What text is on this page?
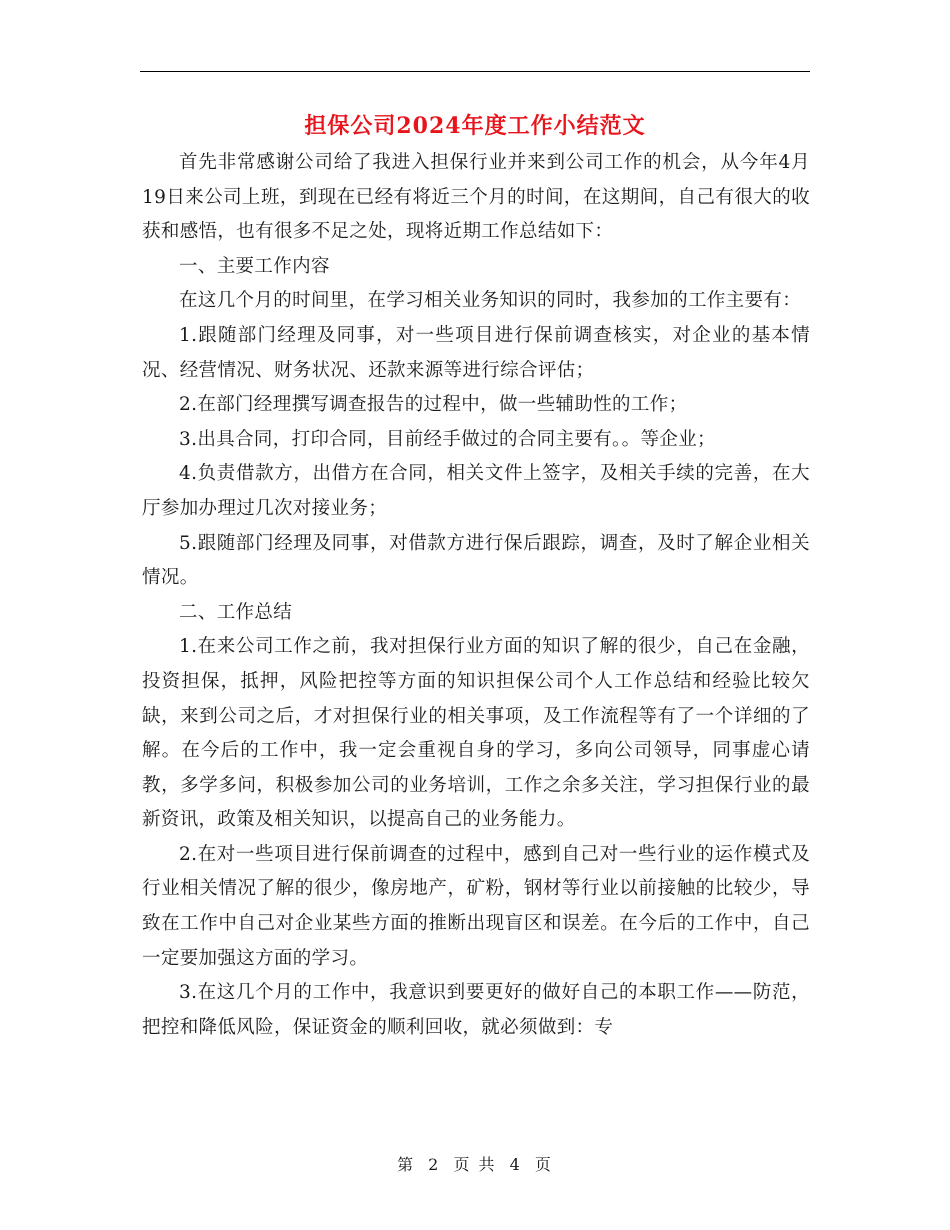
担保公司2024年度工作小结范文

首先非常感谢公司给了我进入担保行业并来到公司工作的机会，从今年4月19日来公司上班，到现在已经有将近三个月的时间，在这期间，自己有很大的收获和感悟，也有很多不足之处，现将近期工作总结如下：

一、主要工作内容

在这几个月的时间里，在学习相关业务知识的同时，我参加的工作主要有：

1.跟随部门经理及同事，对一些项目进行保前调查核实，对企业的基本情况、经营情况、财务状况、还款来源等进行综合评估；

2.在部门经理撰写调查报告的过程中，做一些辅助性的工作；

3.出具合同，打印合同，目前经手做过的合同主要有。。等企业；

4.负责借款方，出借方在合同，相关文件上签字，及相关手续的完善，在大厅参加办理过几次对接业务；

5.跟随部门经理及同事，对借款方进行保后跟踪，调查，及时了解企业相关情况。

二、工作总结

1.在来公司工作之前，我对担保行业方面的知识了解的很少，自己在金融，投资担保，抵押，风险把控等方面的知识担保公司个人工作总结和经验比较欠缺，来到公司之后，才对担保行业的相关事项，及工作流程等有了一个详细的了解。在今后的工作中，我一定会重视自身的学习，多向公司领导，同事虚心请教，多学多问，积极参加公司的业务培训，工作之余多关注，学习担保行业的最新资讯，政策及相关知识，以提高自己的业务能力。

2.在对一些项目进行保前调查的过程中，感到自己对一些行业的运作模式及行业相关情况了解的很少，像房地产，矿粉，钢材等行业以前接触的比较少，导致在工作中自己对企业某些方面的推断出现盲区和误差。在今后的工作中，自己一定要加强这方面的学习。

3.在这几个月的工作中，我意识到要更好的做好自己的本职工作——防范，把控和降低风险，保证资金的顺利回收，就必须做到：专

第 2 页 共 4 页
